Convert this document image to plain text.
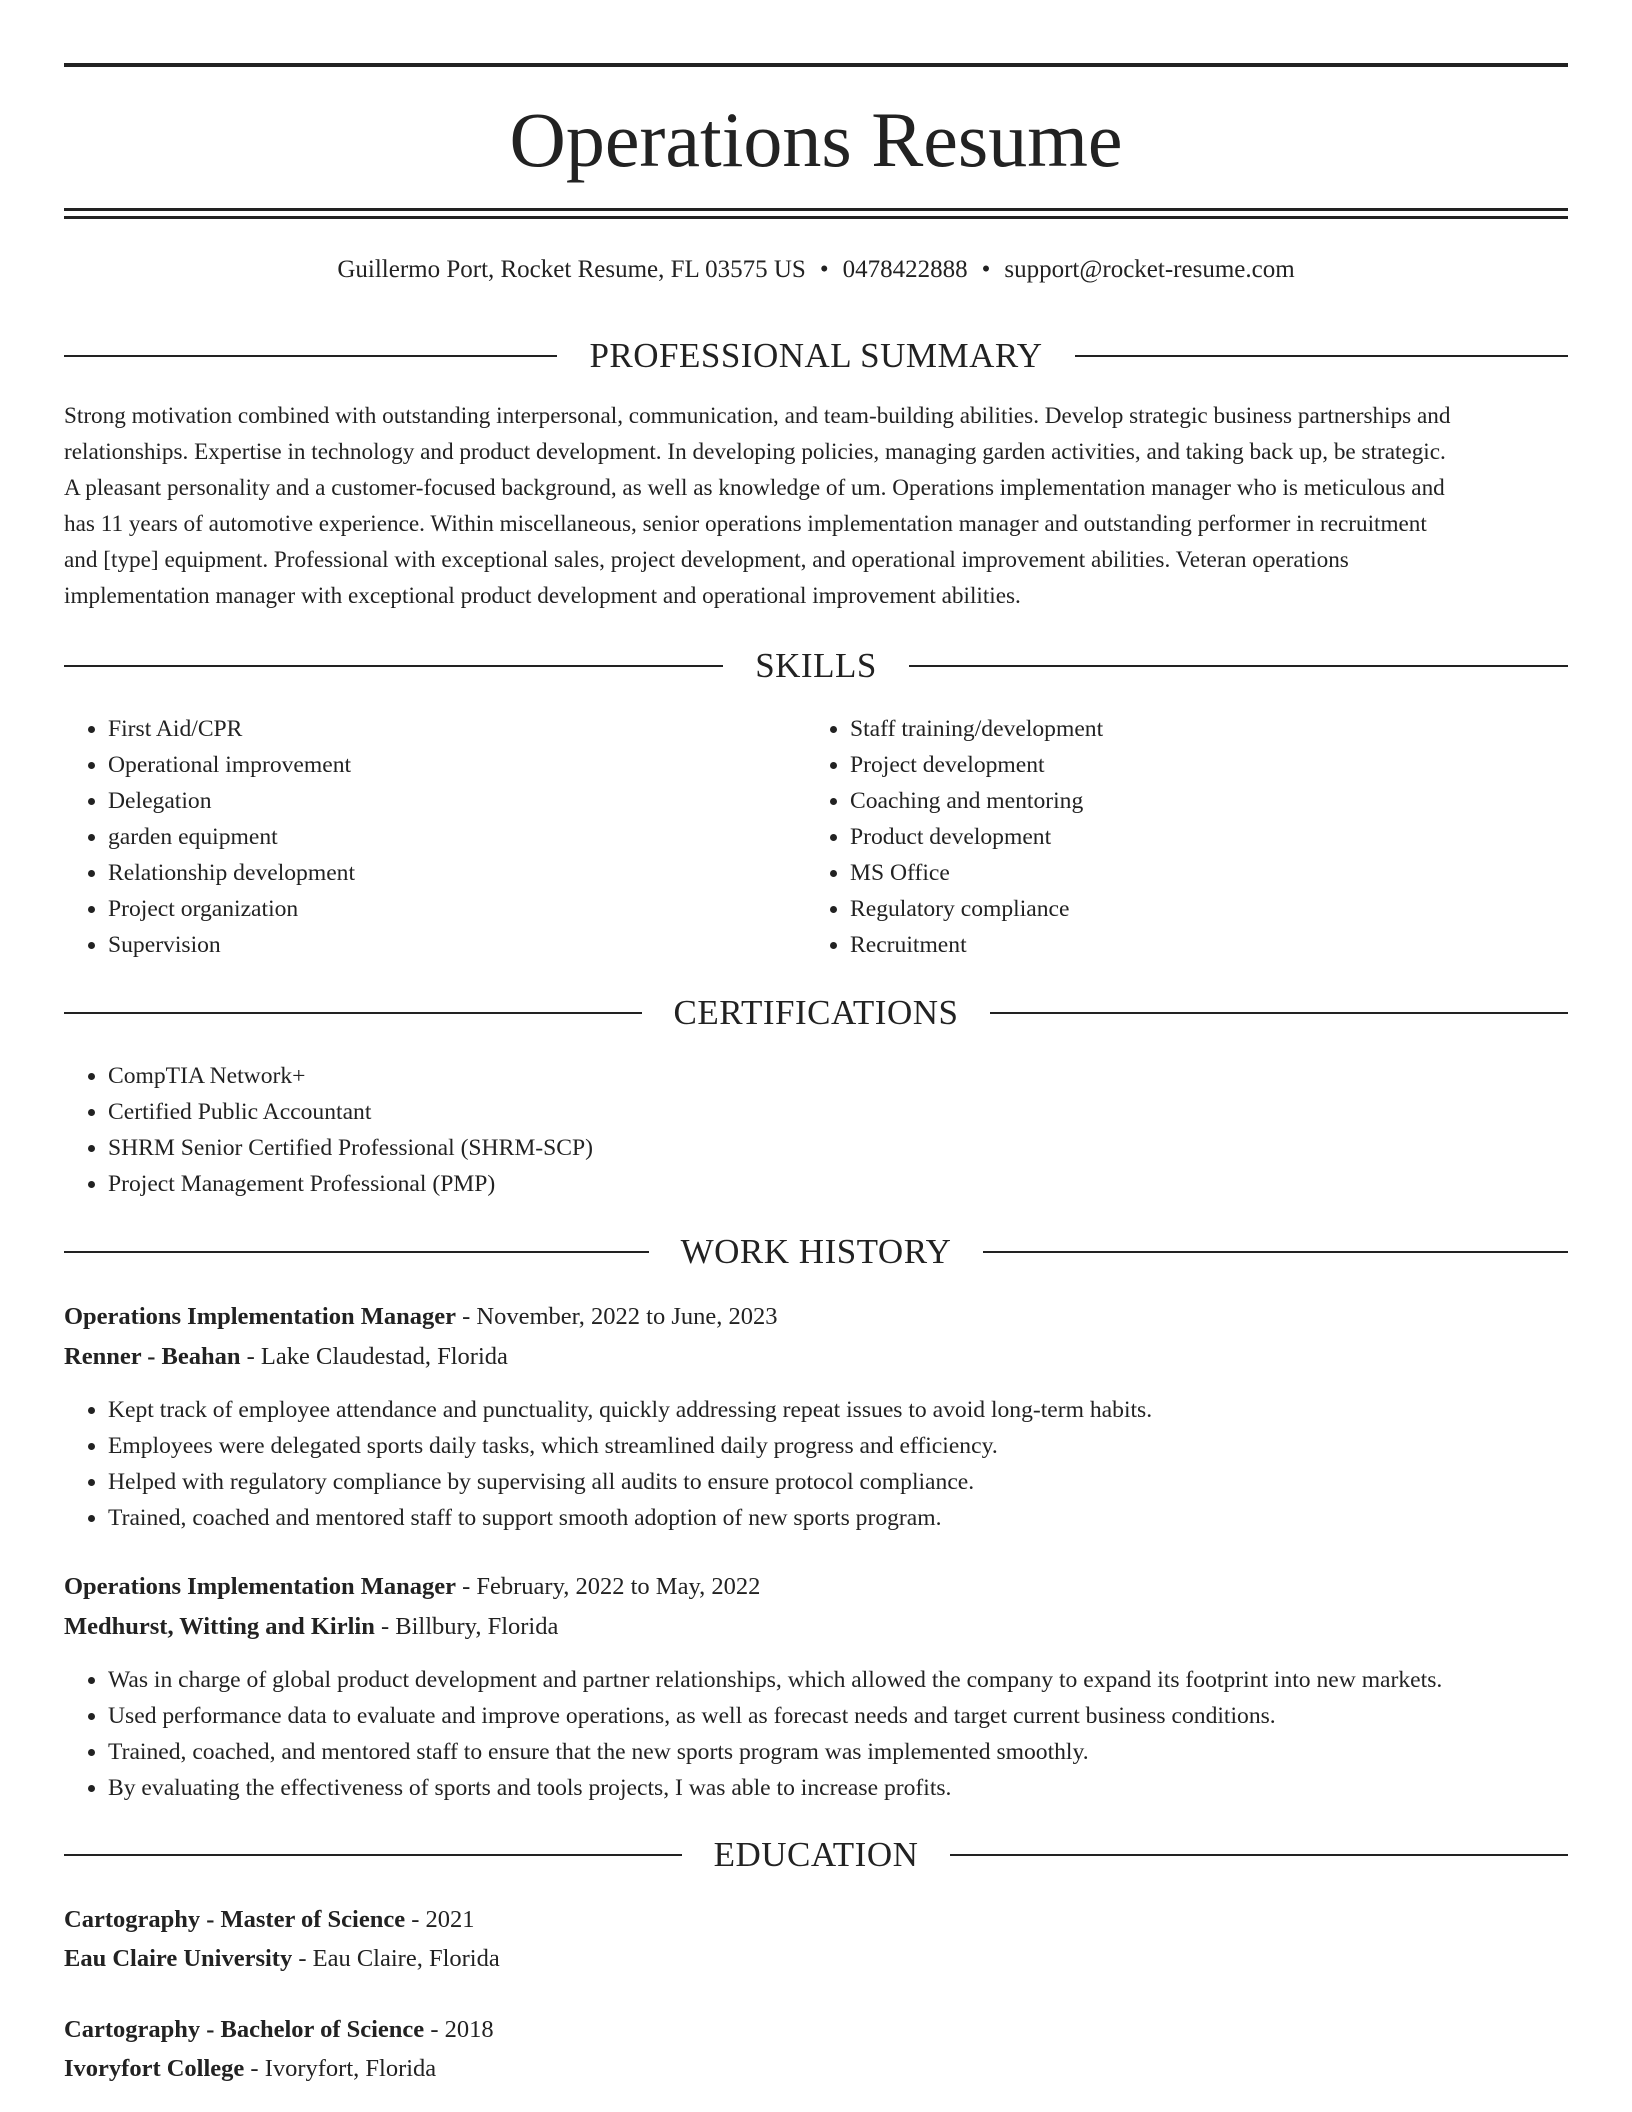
Operations Resume
Guillermo Port, Rocket Resume, FL 03575 US • 0478422888 • support@rocket-resume.com
PROFESSIONAL SUMMARY
Strong motivation combined with outstanding interpersonal, communication, and team-building abilities. Develop strategic business partnerships and
relationships. Expertise in technology and product development. In developing policies, managing garden activities, and taking back up, be strategic.
A pleasant personality and a customer-focused background, as well as knowledge of um. Operations implementation manager who is meticulous and
has 11 years of automotive experience. Within miscellaneous, senior operations implementation manager and outstanding performer in recruitment
and [type] equipment. Professional with exceptional sales, project development, and operational improvement abilities. Veteran operations
implementation manager with exceptional product development and operational improvement abilities.
SKILLS
• First Aid/CPR
• Operational improvement
• Delegation
• garden equipment
• Relationship development
• Project organization
• Supervision
• Staff training/development
• Project development
• Coaching and mentoring
• Product development
• MS Office
• Regulatory compliance
• Recruitment
CERTIFICATIONS
• CompTIA Network+
• Certified Public Accountant
• SHRM Senior Certified Professional (SHRM-SCP)
• Project Management Professional (PMP)
WORK HISTORY
Operations Implementation Manager - November, 2022 to June, 2023
Renner - Beahan - Lake Claudestad, Florida
• Kept track of employee attendance and punctuality, quickly addressing repeat issues to avoid long-term habits.
• Employees were delegated sports daily tasks, which streamlined daily progress and efficiency.
• Helped with regulatory compliance by supervising all audits to ensure protocol compliance.
• Trained, coached and mentored staff to support smooth adoption of new sports program.
Operations Implementation Manager - February, 2022 to May, 2022
Medhurst, Witting and Kirlin - Billbury, Florida
• Was in charge of global product development and partner relationships, which allowed the company to expand its footprint into new markets.
• Used performance data to evaluate and improve operations, as well as forecast needs and target current business conditions.
• Trained, coached, and mentored staff to ensure that the new sports program was implemented smoothly.
• By evaluating the effectiveness of sports and tools projects, I was able to increase profits.
EDUCATION
Cartography - Master of Science - 2021
Eau Claire University - Eau Claire, Florida
Cartography - Bachelor of Science - 2018
Ivoryfort College - Ivoryfort, Florida
